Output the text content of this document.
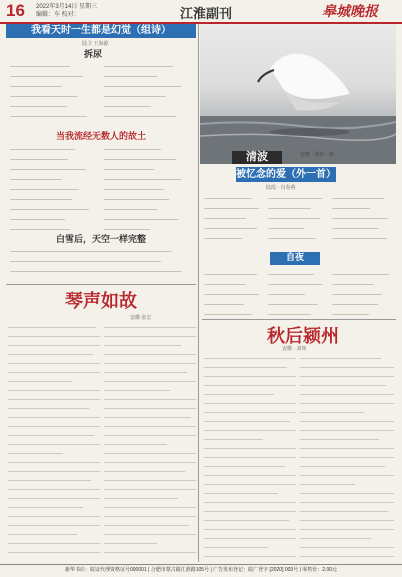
16 2022年3月14日 星期三
编辑：车 校对：	江淮副刊	皋城晚报
我看天时一生都是幻觉（组诗）
陆卫 王海源
拆尿
当我流经无数人的故土
白雪后，天空一样完整
琴声如故
安徽 张宏
清波	安徽 · 摄影 · 陈
被忆念的爱（外一首）
陆霞 · 冯春燕
自夜
秋后颍州
安徽 · 刘如
新华书店：皖证代理资格证号000001 | 合肥市蒙古路江淮路105号 | 广告发布登记：皖广登字 [2020] 003号 | 零售价：2.00元
